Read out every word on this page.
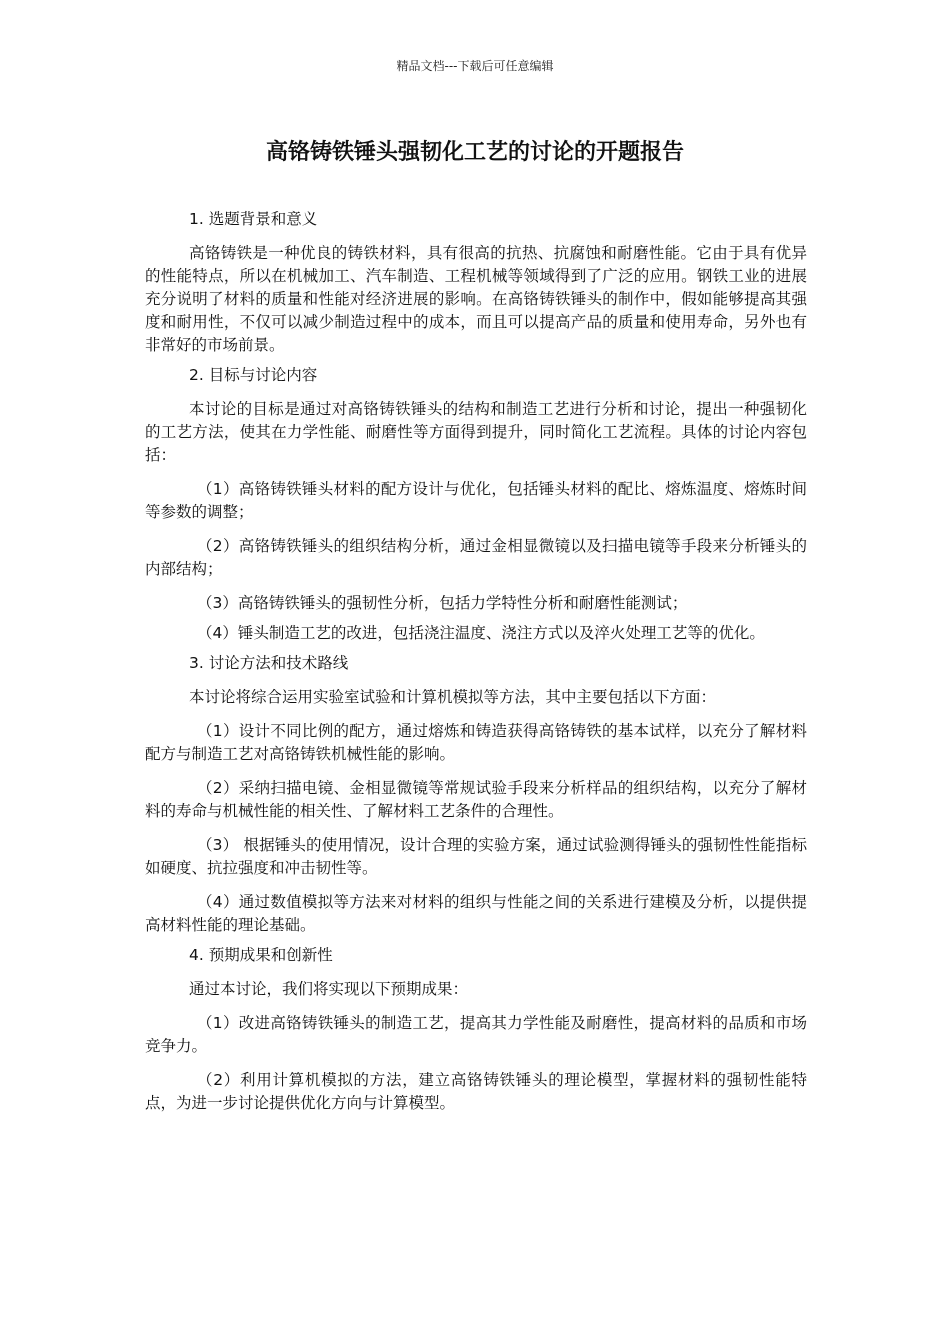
精品文档---下载后可任意编辑
高铬铸铁锤头强韧化工艺的讨论的开题报告
1. 选题背景和意义

高铬铸铁是一种优良的铸铁材料，具有很高的抗热、抗腐蚀和耐磨性能。它由于具有优异的性能特点，所以在机械加工、汽车制造、工程机械等领域得到了广泛的应用。钢铁工业的进展充分说明了材料的质量和性能对经济进展的影响。在高铬铸铁锤头的制作中，假如能够提高其强度和耐用性，不仅可以减少制造过程中的成本，而且可以提高产品的质量和使用寿命，另外也有非常好的市场前景。

2. 目标与讨论内容

本讨论的目标是通过对高铬铸铁锤头的结构和制造工艺进行分析和讨论，提出一种强韧化的工艺方法，使其在力学性能、耐磨性等方面得到提升，同时简化工艺流程。具体的讨论内容包括：

（1）高铬铸铁锤头材料的配方设计与优化，包括锤头材料的配比、熔炼温度、熔炼时间等参数的调整；

（2）高铬铸铁锤头的组织结构分析，通过金相显微镜以及扫描电镜等手段来分析锤头的内部结构；

（3）高铬铸铁锤头的强韧性分析，包括力学特性分析和耐磨性能测试；

（4）锤头制造工艺的改进，包括浇注温度、浇注方式以及淬火处理工艺等的优化。

3. 讨论方法和技术路线

本讨论将综合运用实验室试验和计算机模拟等方法，其中主要包括以下方面：

（1）设计不同比例的配方，通过熔炼和铸造获得高铬铸铁的基本试样，以充分了解材料配方与制造工艺对高铬铸铁机械性能的影响。

（2）采纳扫描电镜、金相显微镜等常规试验手段来分析样品的组织结构，以充分了解材料的寿命与机械性能的相关性、了解材料工艺条件的合理性。

（3） 根据锤头的使用情况，设计合理的实验方案，通过试验测得锤头的强韧性性能指标如硬度、抗拉强度和冲击韧性等。

（4）通过数值模拟等方法来对材料的组织与性能之间的关系进行建模及分析，以提供提高材料性能的理论基础。

4. 预期成果和创新性

通过本讨论，我们将实现以下预期成果：

（1）改进高铬铸铁锤头的制造工艺，提高其力学性能及耐磨性，提高材料的品质和市场竞争力。

（2）利用计算机模拟的方法，建立高铬铸铁锤头的理论模型，掌握材料的强韧性能特点，为进一步讨论提供优化方向与计算模型。
